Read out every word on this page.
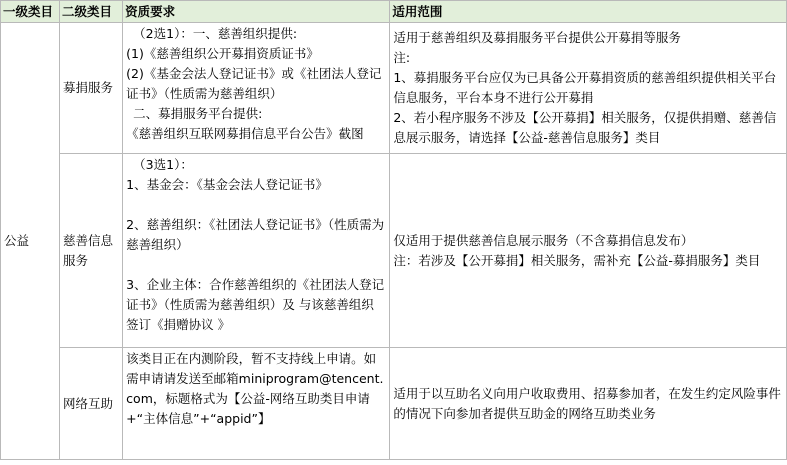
一级类目	二级类目	资质要求	适用范围
公益	募捐服务	（2选1）：一、慈善组织提供:
(1)《慈善组织公开募捐资质证书》
(2)《基金会法人登记证书》或《社团法人登记证书》（性质需为慈善组织）
二、募捐服务平台提供:
《慈善组织互联网募捐信息平台公告》截图	适用于慈善组织及募捐服务平台提供公开募捐等服务
注:
1、募捐服务平台应仅为已具备公开募捐资质的慈善组织提供相关平台信息服务，平台本身不进行公开募捐
2、若小程序服务不涉及【公开募捐】相关服务，仅提供捐赠、慈善信息展示服务，请选择【公益-慈善信息服务】类目

	慈善信息服务	（3选1）：
1、基金会：《基金会法人登记证书》
2、慈善组织：《社团法人登记证书》（性质需为慈善组织）
3、企业主体：合作慈善组织的《社团法人登记证书》（性质需为慈善组织）及 与该慈善组织签订《捐赠协议 》	仅适用于提供慈善信息展示服务（不含募捐信息发布）
注：若涉及【公开募捐】相关服务，需补充【公益-募捐服务】类目

	网络互助	该类目正在内测阶段，暂不支持线上申请。如需申请请发送至邮箱miniprogram@tencent.com，标题格式为【公益-网络互助类目申请+“主体信息”+“appid”】	适用于以互助名义向用户收取费用、招募参加者，在发生约定风险事件的情况下向参加者提供互助金的网络互助类业务
